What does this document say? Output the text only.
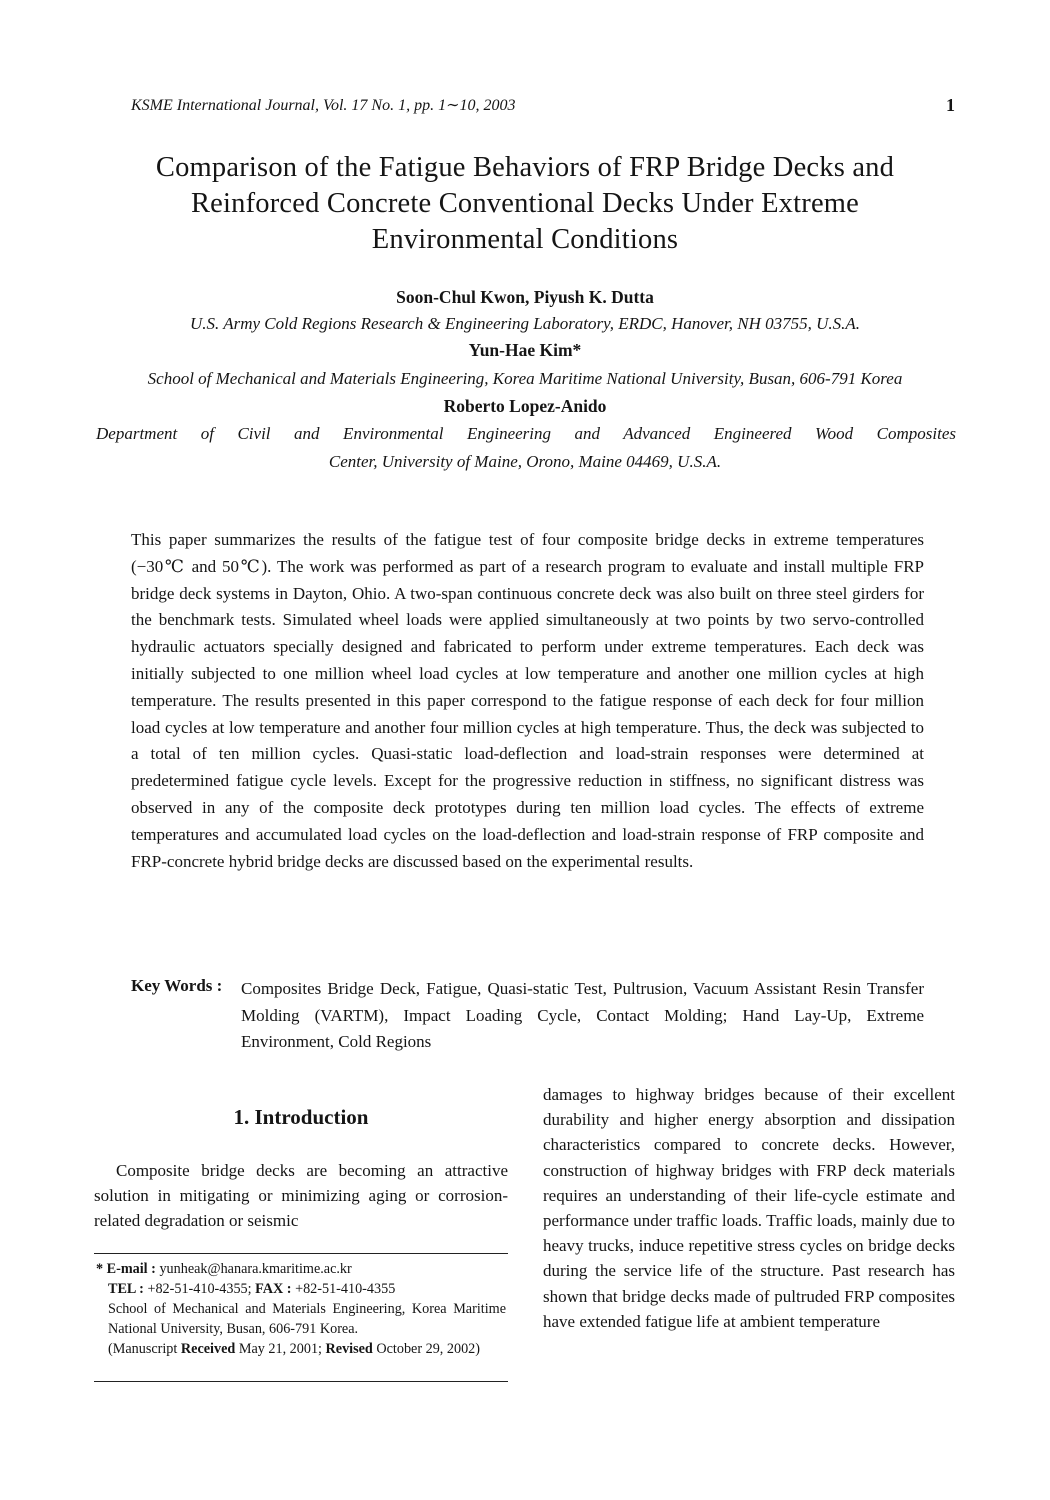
KSME International Journal, Vol. 17 No. 1, pp. 1∼10, 2003	1
Comparison of the Fatigue Behaviors of FRP Bridge Decks and
Reinforced Concrete Conventional Decks Under Extreme
Environmental Conditions
Soon-Chul Kwon, Piyush K. Dutta
U.S. Army Cold Regions Research & Engineering Laboratory, ERDC, Hanover, NH 03755, U.S.A.
Yun-Hae Kim*
School of Mechanical and Materials Engineering, Korea Maritime National University, Busan, 606-791 Korea
Roberto Lopez-Anido
Department of Civil and Environmental Engineering and Advanced Engineered Wood Composites
Center, University of Maine, Orono, Maine 04469, U.S.A.
This paper summarizes the results of the fatigue test of four composite bridge decks in extreme temperatures (−30℃ and 50℃). The work was performed as part of a research program to evaluate and install multiple FRP bridge deck systems in Dayton, Ohio. A two-span continuous concrete deck was also built on three steel girders for the benchmark tests. Simulated wheel loads were applied simultaneously at two points by two servo-controlled hydraulic actuators specially designed and fabricated to perform under extreme temperatures. Each deck was initially subjected to one million wheel load cycles at low temperature and another one million cycles at high temperature. The results presented in this paper correspond to the fatigue response of each deck for four million load cycles at low temperature and another four million cycles at high temperature. Thus, the deck was subjected to a total of ten million cycles. Quasi-static load-deflection and load-strain responses were determined at predetermined fatigue cycle levels. Except for the progressive reduction in stiffness, no significant distress was observed in any of the composite deck prototypes during ten million load cycles. The effects of extreme temperatures and accumulated load cycles on the load-deflection and load-strain response of FRP composite and FRP-concrete hybrid bridge decks are discussed based on the experimental results.
Key Words : Composites Bridge Deck, Fatigue, Quasi-static Test, Pultrusion, Vacuum Assistant Resin Transfer Molding (VARTM), Impact Loading Cycle, Contact Molding; Hand Lay-Up, Extreme Environment, Cold Regions
1. Introduction

Composite bridge decks are becoming an attractive solution in mitigating or minimizing aging or corrosion-related degradation or seismic

* E-mail : yunheak@hanara.kmaritime.ac.kr

TEL : +82-51-410-4355; FAX : +82-51-410-4355

School of Mechanical and Materials Engineering, Korea Maritime National University, Busan, 606-791 Korea.

(Manuscript Received May 21, 2001; Revised October 29, 2002)

damages to highway bridges because of their excellent durability and higher energy absorption and dissipation characteristics compared to concrete decks. However, construction of highway bridges with FRP deck materials requires an understanding of their life-cycle estimate and performance under traffic loads. Traffic loads, mainly due to heavy trucks, induce repetitive stress cycles on bridge decks during the service life of the structure. Past research has shown that bridge decks made of pultruded FRP composites have extended fatigue life at ambient temperature
